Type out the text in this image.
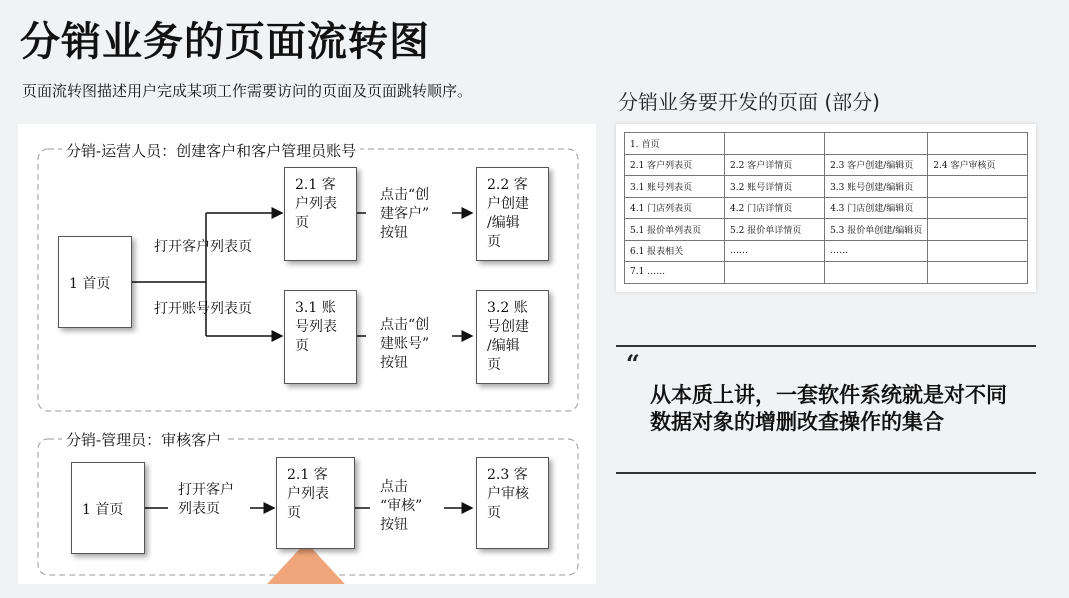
分销业务的页面流转图
页面流转图描述用户完成某项工作需要访问的页面及页面跳转顺序。
分销-运营人员：创建客户和客户管理员账号
1 首页
打开客户列表页
打开账号列表页
2.1 客
户列表
页
点击“创
建客户”
按钮
2.2 客
户创建
/编辑
页
3.1 账
号列表
页
点击“创
建账号”
按钮
3.2 账
号创建
/编辑
页
分销-管理员：审核客户
1 首页
打开客户
列表页
2.1 客
户列表
页
点击
“审核”
按钮
2.3 客
户审核
页
分销业务要开发的页面 (部分)
1. 首页			
2.1 客户列表页	2.2 客户详情页	2.3 客户创建/编辑页	2.4 客户审核页
3.1 账号列表页	3.2 账号详情页	3.3 账号创建/编辑页	
4.1 门店列表页	4.2 门店详情页	4.3 门店创建/编辑页	
5.1 报价单列表页	5.2 报价单详情页	5.3 报价单创建/编辑页	
6.1 报表相关	……	……	
7.1 ……			
“
从本质上讲，一套软件系统就是对不同数据对象的增删改查操作的集合
